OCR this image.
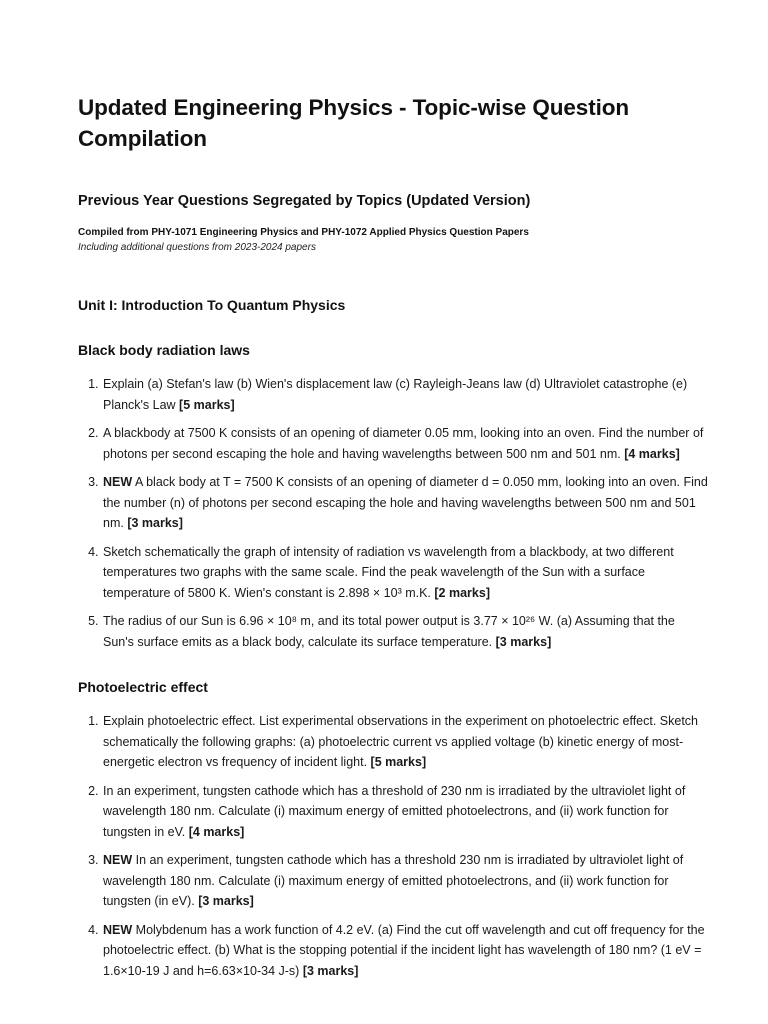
Updated Engineering Physics - Topic-wise Question Compilation
Previous Year Questions Segregated by Topics (Updated Version)
Compiled from PHY-1071 Engineering Physics and PHY-1072 Applied Physics Question Papers
Including additional questions from 2023-2024 papers
Unit I: Introduction To Quantum Physics
Black body radiation laws
1. Explain (a) Stefan's law (b) Wien's displacement law (c) Rayleigh-Jeans law (d) Ultraviolet catastrophe (e) Planck's Law [5 marks]
2. A blackbody at 7500 K consists of an opening of diameter 0.05 mm, looking into an oven. Find the number of photons per second escaping the hole and having wavelengths between 500 nm and 501 nm. [4 marks]
3. NEW A black body at T = 7500 K consists of an opening of diameter d = 0.050 mm, looking into an oven. Find the number (n) of photons per second escaping the hole and having wavelengths between 500 nm and 501 nm. [3 marks]
4. Sketch schematically the graph of intensity of radiation vs wavelength from a blackbody, at two different temperatures two graphs with the same scale. Find the peak wavelength of the Sun with a surface temperature of 5800 K. Wien's constant is 2.898 × 10³ m.K. [2 marks]
5. The radius of our Sun is 6.96 × 10⁸ m, and its total power output is 3.77 × 10²⁶ W. (a) Assuming that the Sun's surface emits as a black body, calculate its surface temperature. [3 marks]
Photoelectric effect
1. Explain photoelectric effect. List experimental observations in the experiment on photoelectric effect. Sketch schematically the following graphs: (a) photoelectric current vs applied voltage (b) kinetic energy of most-energetic electron vs frequency of incident light. [5 marks]
2. In an experiment, tungsten cathode which has a threshold of 230 nm is irradiated by the ultraviolet light of wavelength 180 nm. Calculate (i) maximum energy of emitted photoelectrons, and (ii) work function for tungsten in eV. [4 marks]
3. NEW In an experiment, tungsten cathode which has a threshold 230 nm is irradiated by ultraviolet light of wavelength 180 nm. Calculate (i) maximum energy of emitted photoelectrons, and (ii) work function for tungsten (in eV). [3 marks]
4. NEW Molybdenum has a work function of 4.2 eV. (a) Find the cut off wavelength and cut off frequency for the photoelectric effect. (b) What is the stopping potential if the incident light has wavelength of 180 nm? (1 eV = 1.6×10-19 J and h=6.63×10-34 J-s) [3 marks]
